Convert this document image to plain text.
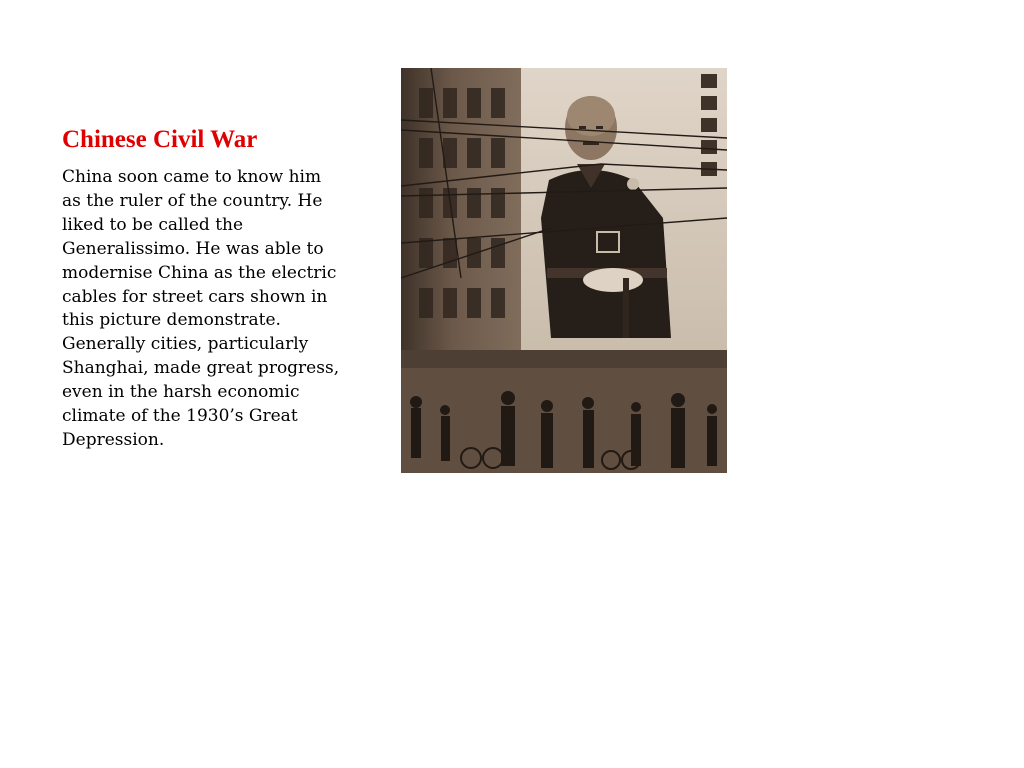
Chinese Civil War

China soon came to know him
as the ruler of the country. He
liked to be called the
Generalissimo. He was able to
modernise China as the electric
cables for street cars shown in
this picture demonstrate.
Generally cities, particularly
Shanghai, made great progress,
even in the harsh economic
climate of the 1930’s Great
Depression.
